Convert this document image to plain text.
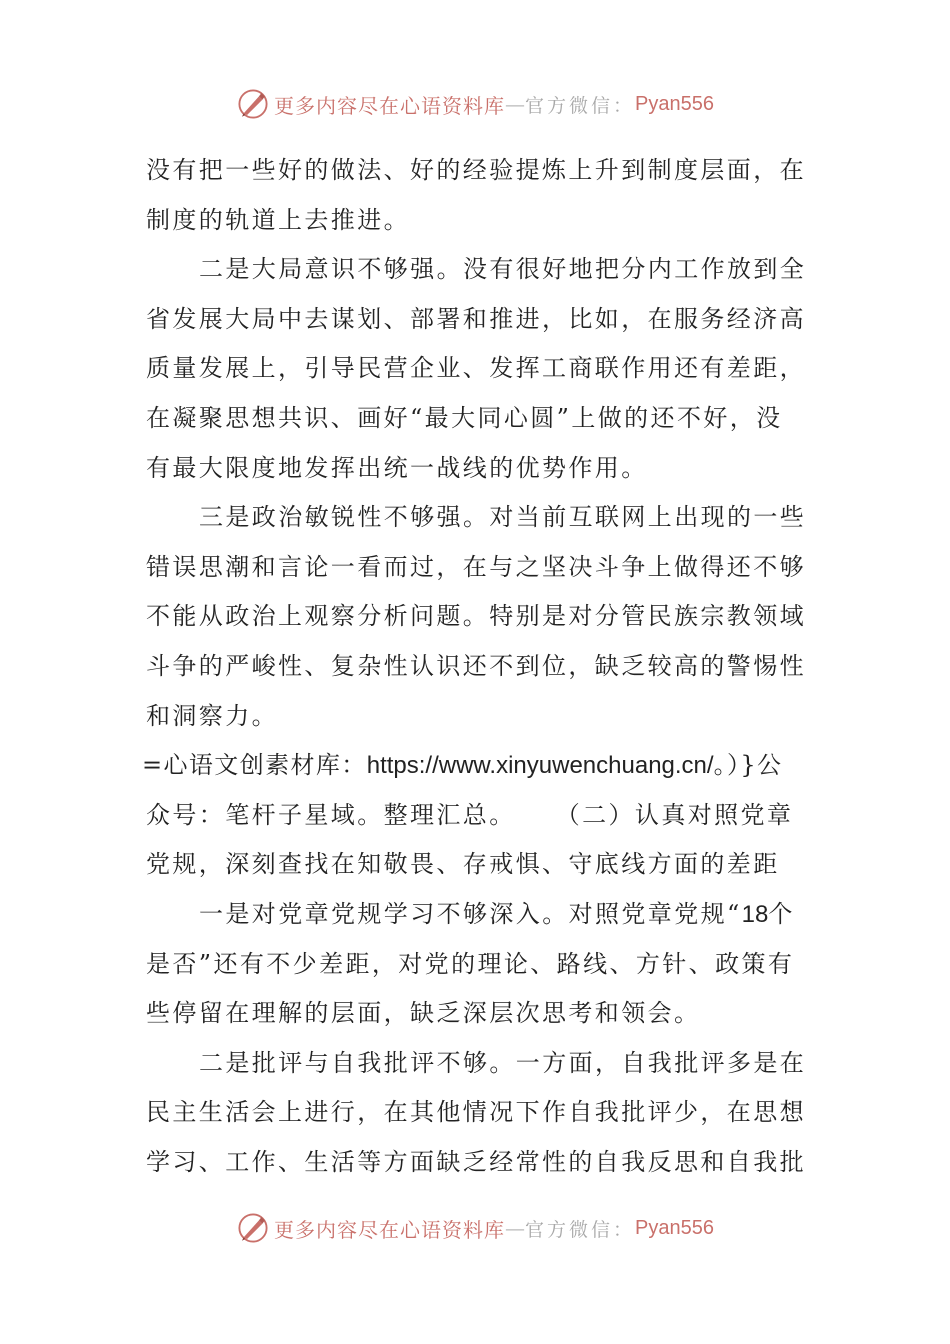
更多内容尽在心语资料库 — 官方微信： Pyan556
没有把一些好的做法、好的经验提炼上升到制度层面，在
制度的轨道上去推进。
二是大局意识不够强。没有很好地把分内工作放到全
省发展大局中去谋划、部署和推进，比如，在服务经济高
质量发展上，引导民营企业、发挥工商联作用还有差距，
在凝聚思想共识、画好“最大同心圆”上做的还不好，没
有最大限度地发挥出统一战线的优势作用。
三是政治敏锐性不够强。对当前互联网上出现的一些
错误思潮和言论一看而过，在与之坚决斗争上做得还不够
不能从政治上观察分析问题。特别是对分管民族宗教领域
斗争的严峻性、复杂性认识还不到位，缺乏较高的警惕性
和洞察力。
=心语文创素材库：https://www.xinyuwenchuang.cn/。）}公
众号：笔杆子星域。整理汇总。    （二）认真对照党章
党规，深刻查找在知敬畏、存戒惧、守底线方面的差距
一是对党章党规学习不够深入。对照党章党规“18个
是否”还有不少差距，对党的理论、路线、方针、政策有
些停留在理解的层面，缺乏深层次思考和领会。
二是批评与自我批评不够。一方面，自我批评多是在
民主生活会上进行，在其他情况下作自我批评少，在思想
学习、工作、生活等方面缺乏经常性的自我反思和自我批
更多内容尽在心语资料库 — 官方微信： Pyan556
